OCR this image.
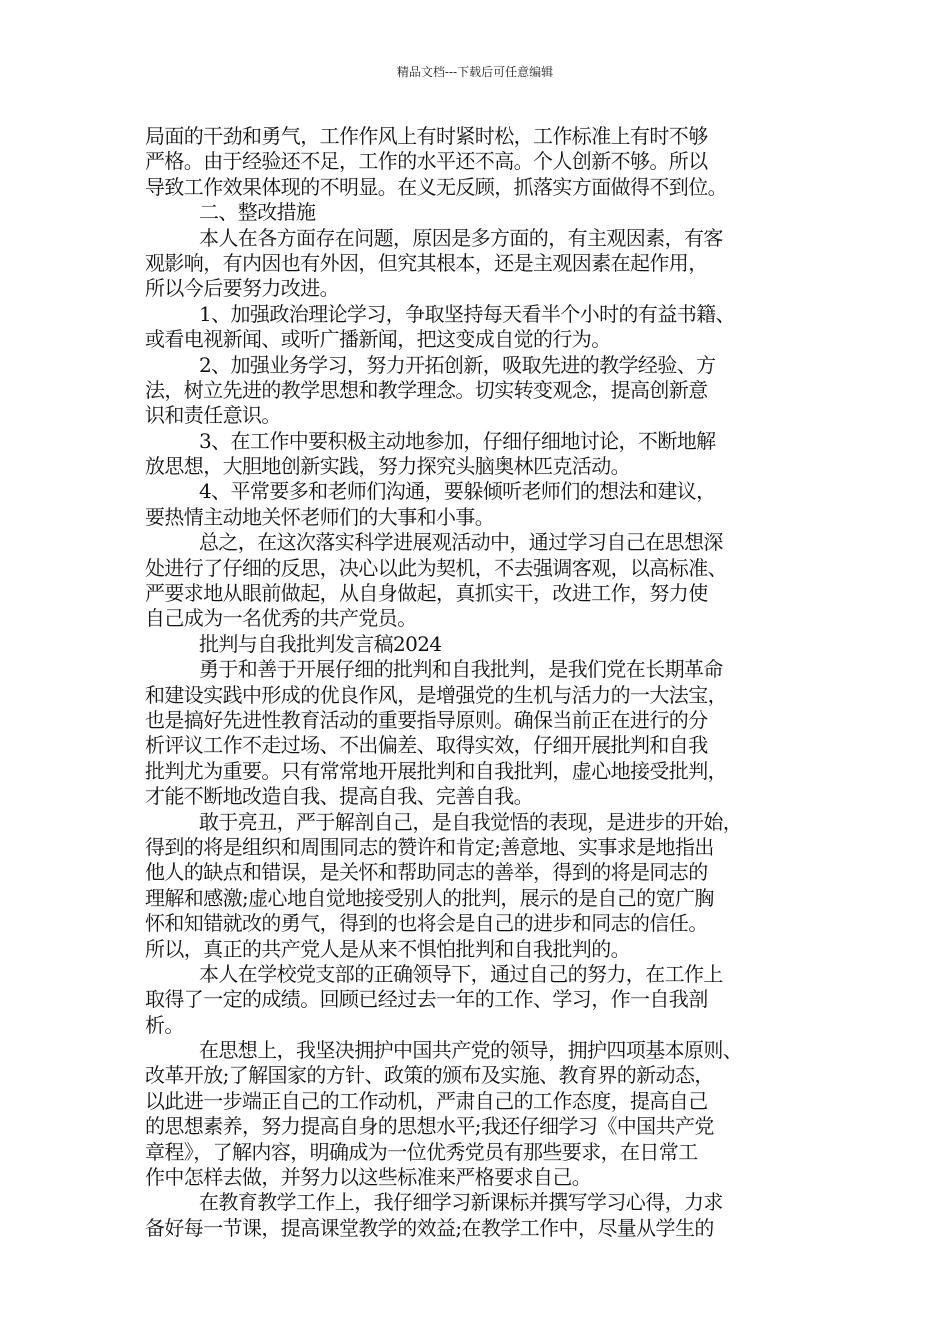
精品文档---下载后可任意编辑
局面的干劲和勇气，工作作风上有时紧时松，工作标准上有时不够
严格。由于经验还不足，工作的水平还不高。个人创新不够。所以
导致工作效果体现的不明显。在义无反顾，抓落实方面做得不到位。
二、整改措施
本人在各方面存在问题，原因是多方面的，有主观因素，有客
观影响，有内因也有外因，但究其根本，还是主观因素在起作用，
所以今后要努力改进。
1、加强政治理论学习，争取坚持每天看半个小时的有益书籍、
或看电视新闻、或听广播新闻，把这变成自觉的行为。
2、加强业务学习，努力开拓创新，吸取先进的教学经验、方
法，树立先进的教学思想和教学理念。切实转变观念，提高创新意
识和责任意识。
3、在工作中要积极主动地参加，仔细仔细地讨论，不断地解
放思想，大胆地创新实践，努力探究头脑奥林匹克活动。
4、平常要多和老师们沟通，要躲倾听老师们的想法和建议，
要热情主动地关怀老师们的大事和小事。
总之，在这次落实科学进展观活动中，通过学习自己在思想深
处进行了仔细的反思，决心以此为契机，不去强调客观，以高标准、
严要求地从眼前做起，从自身做起，真抓实干，改进工作，努力使
自己成为一名优秀的共产党员。
批判与自我批判发言稿2024
勇于和善于开展仔细的批判和自我批判，是我们党在长期革命
和建设实践中形成的优良作风，是增强党的生机与活力的一大法宝，
也是搞好先进性教育活动的重要指导原则。确保当前正在进行的分
析评议工作不走过场、不出偏差、取得实效，仔细开展批判和自我
批判尤为重要。只有常常地开展批判和自我批判，虚心地接受批判，
才能不断地改造自我、提高自我、完善自我。
敢于亮丑，严于解剖自己，是自我觉悟的表现，是进步的开始，
得到的将是组织和周围同志的赞许和肯定;善意地、实事求是地指出
他人的缺点和错误，是关怀和帮助同志的善举，得到的将是同志的
理解和感激;虚心地自觉地接受别人的批判，展示的是自己的宽广胸
怀和知错就改的勇气，得到的也将会是自己的进步和同志的信任。
所以，真正的共产党人是从来不惧怕批判和自我批判的。
本人在学校党支部的正确领导下，通过自己的努力，在工作上
取得了一定的成绩。回顾已经过去一年的工作、学习，作一自我剖
析。
在思想上，我坚决拥护中国共产党的领导，拥护四项基本原则、
改革开放;了解国家的方针、政策的颁布及实施、教育界的新动态，
以此进一步端正自己的工作动机，严肃自己的工作态度，提高自己
的思想素养，努力提高自身的思想水平;我还仔细学习《中国共产党
章程》，了解内容，明确成为一位优秀党员有那些要求，在日常工
作中怎样去做，并努力以这些标准来严格要求自己。
在教育教学工作上，我仔细学习新课标并撰写学习心得，力求
备好每一节课，提高课堂教学的效益;在教学工作中，尽量从学生的
